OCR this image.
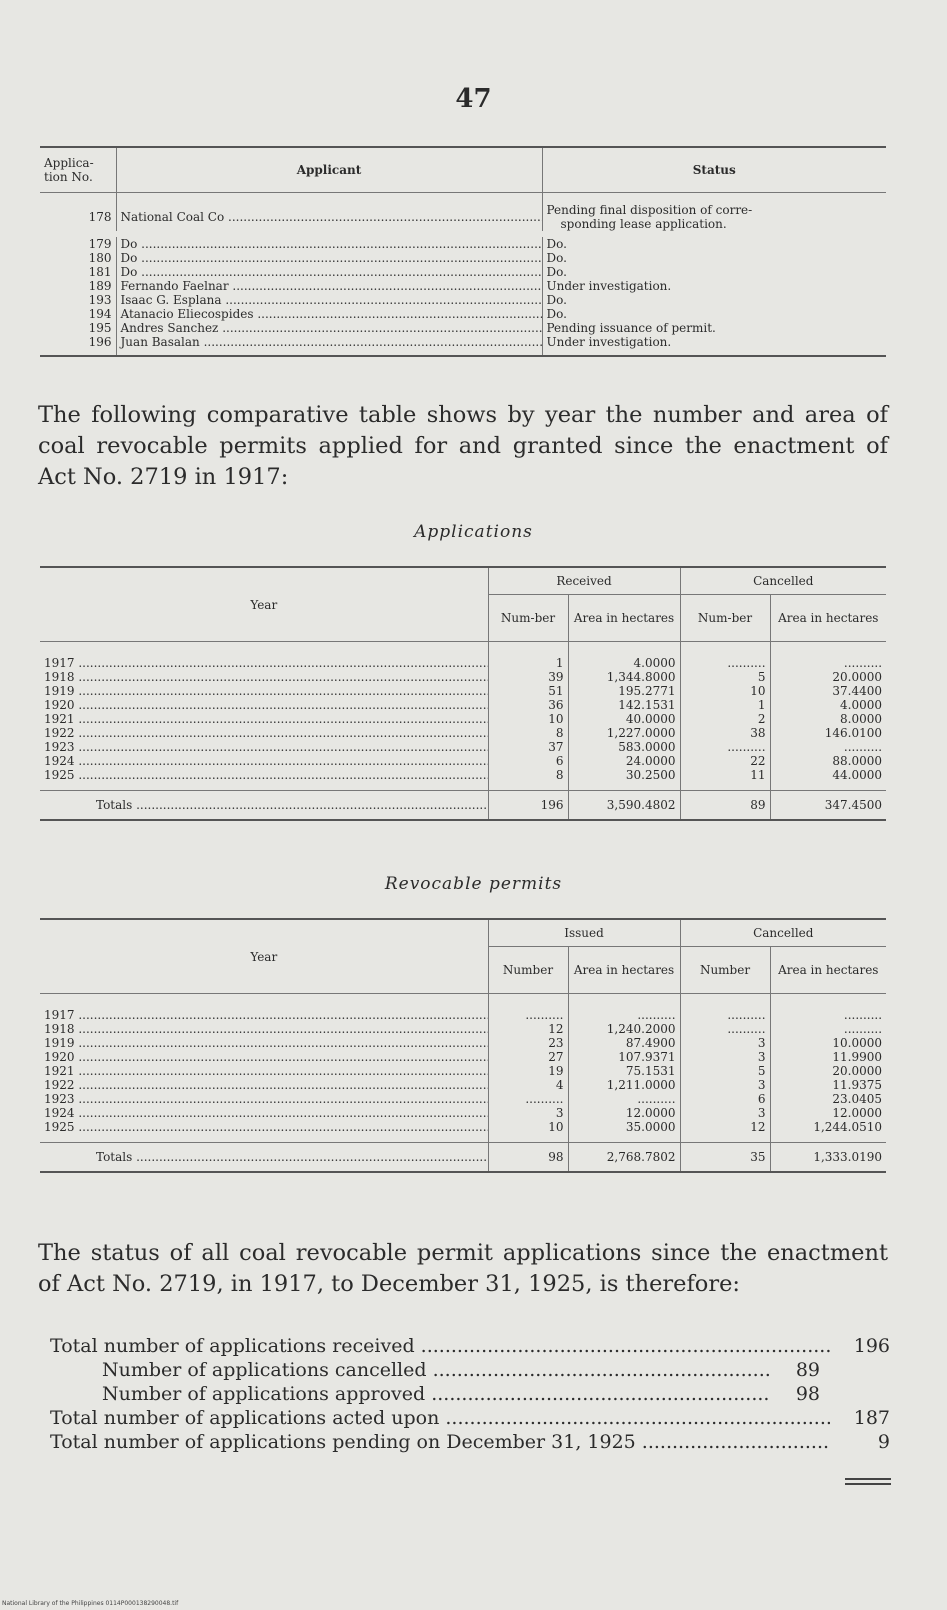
47
Applica-tion No.	Applicant	Status
178	National Coal Co .....	Pending final disposition of corre-
sponding lease application.

179	Do .....	Do.

180	Do .....	Do.

181	Do .....	Do.

189	Fernando Faelnar .....	Under investigation.

193	Isaac G. Esplana .....	Do.

194	Atanacio Eliecospides .....	Do.

195	Andres Sanchez .....	Pending issuance of permit.

196	Juan Basalan .....	Under investigation.
The following comparative table shows by year the number and area of coal revocable permits applied for and granted since the enactment of Act No. 2719 in 1917:
Applications
Year	Received		Cancelled	
	Num-ber	Area in hectares	Num-ber	Area in hectares
1917 .....	1	4.0000	..........	..........
1918 .....	39	1,344.8000	5	20.0000
1919 .....	51	195.2771	10	37.4400
1920 .....	36	142.1531	1	4.0000
1921 .....	10	40.0000	2	8.0000
1922 .....	8	1,227.0000	38	146.0100
1923 .....	37	583.0000	..........	..........
1924 .....	6	24.0000	22	88.0000
1925 .....	8	30.2500	11	44.0000
Totals .....	196	3,590.4802	89	347.4500
Revocable permits
Year	Issued		Cancelled	
	Number	Area in hectares	Number	Area in hectares
1917 .....	..........	..........	..........	..........
1918 .....	12	1,240.2000	..........	..........
1919 .....	23	87.4900	3	10.0000
1920 .....	27	107.9371	3	11.9900
1921 .....	19	75.1531	5	20.0000
1922 .....	4	1,211.0000	3	11.9375
1923 .....	..........	..........	6	23.0405
1924 .....	3	12.0000	3	12.0000
1925 .....	10	35.0000	12	1,244.0510
Totals .....	98	2,768.7802	35	1,333.0190
The status of all coal revocable permit applications since the enactment of Act No. 2719, in 1917, to December 31, 1925, is therefore:
Total number of applications received .....	196
Number of applications cancelled .....	89
Number of applications approved .....	98
Total number of applications acted upon .....	187
Total number of applications pending on December 31, 1925 .....	9
National Library of the Philippines 0114P000138290048.tif
